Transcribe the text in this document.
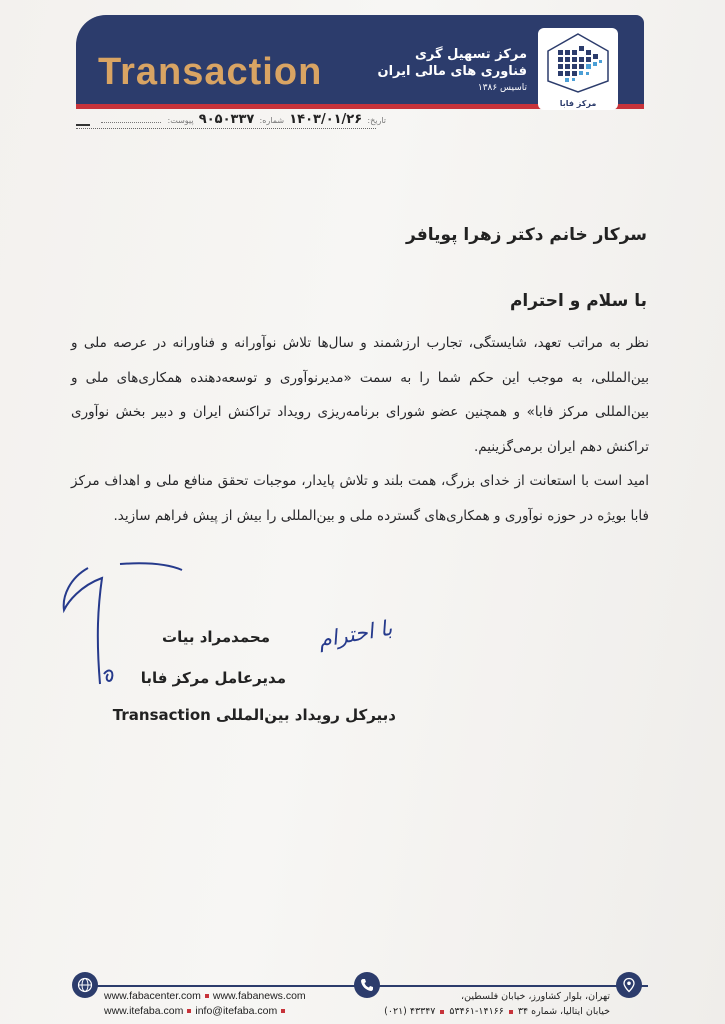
Transaction	مرکز تسهیل گری
فناوری های مالی ایران
تاسیس ۱۳۸۶
مرکز فابا
تاریخ: ۱۴۰۳/۰۱/۲۶ شماره: ۹۰۵۰۳۳۷ پیوست:
سرکار خانم دکتر زهرا پویافر
با سلام و احترام

نظر به مراتب تعهد، شایستگی، تجارب ارزشمند و سال‌ها تلاش نوآورانه و فناورانه در عرصه ملی و بین‌المللی، به موجب این حکم شما را به سمت «مدیرنوآوری و توسعه‌دهنده همکاری‌های ملی و بین‌المللی مرکز فابا» و همچنین عضو شورای برنامه‌ریزی رویداد تراکنش ایران و دبیر بخش نوآوری تراکنش دهم ایران برمی‌گزینیم.

امید است با استعانت از خدای بزرگ، همت بلند و تلاش پایدار، موجبات تحقق منافع ملی و اهداف مرکز فابا بویژه در حوزه نوآوری و همکاری‌های گسترده ملی و بین‌المللی را بیش از پیش فراهم سازید.

با احترام
محمدمراد بیات
مدیرعامل مرکز فابا
دبیرکل رویداد بین‌المللی Transaction
www.fabacenter.com www.fabanews.com
www.itefaba.com info@itefaba.com
تهران، بلوار کشاورز، خیابان فلسطین،
خیابان ایتالیا، شماره ۳۴۱۴۱۶۶-۵۳۴۶۱(۰۲۱) ۴۳۳۴۷
